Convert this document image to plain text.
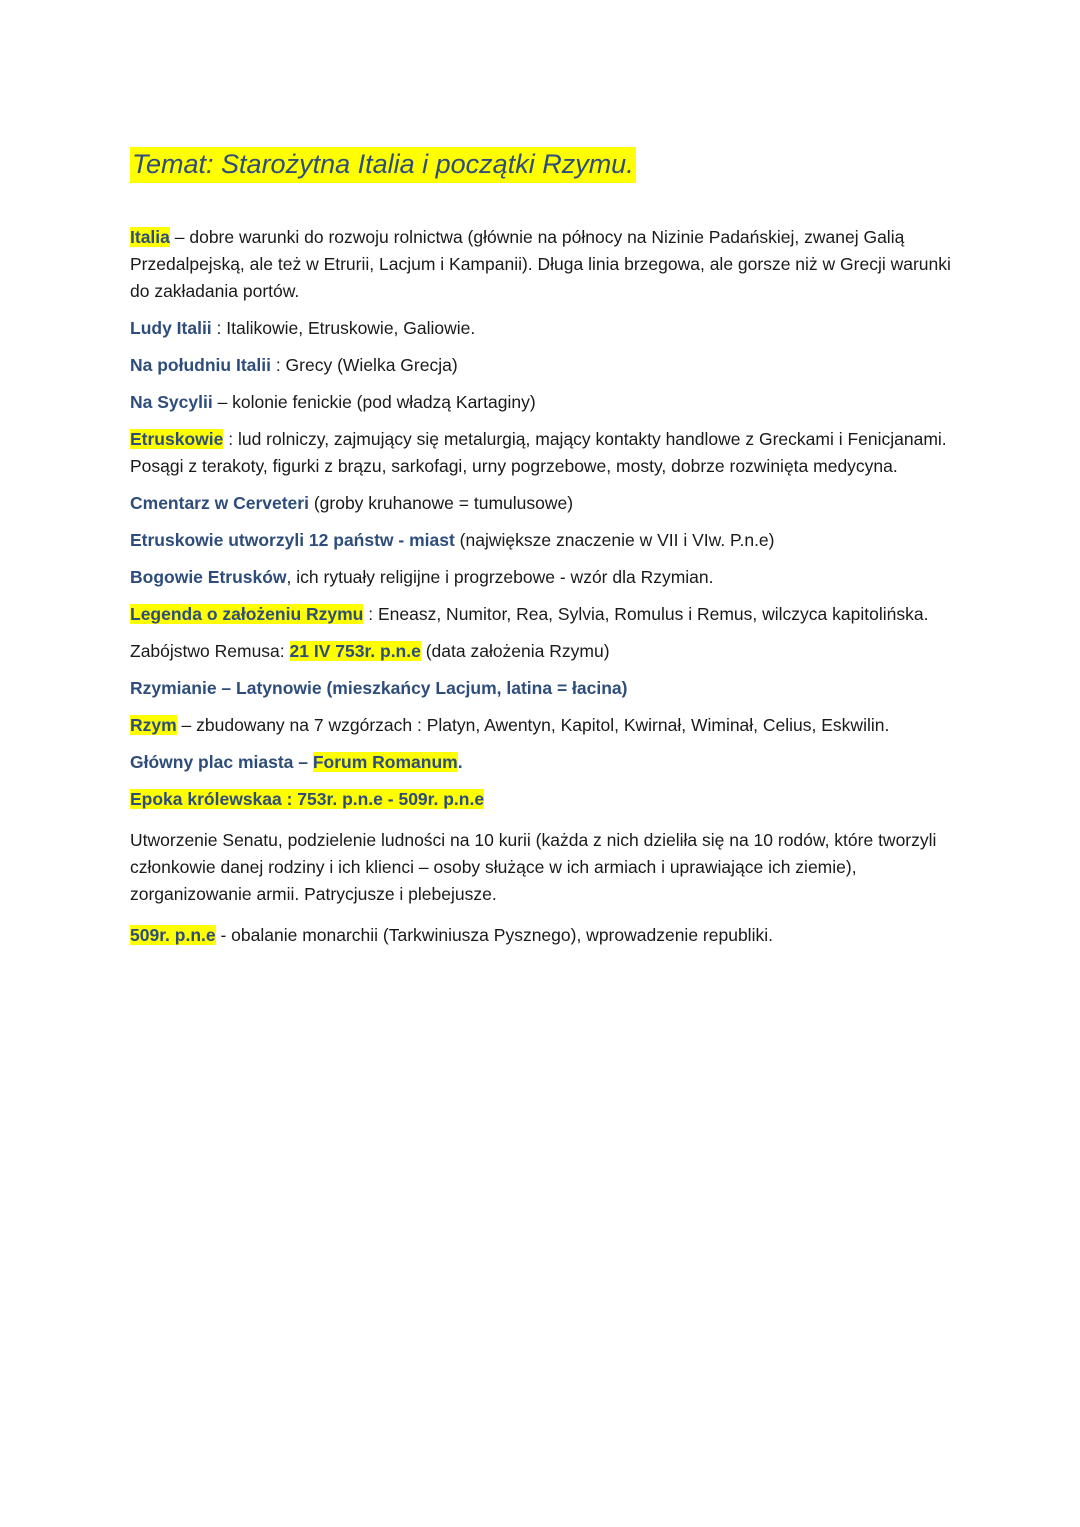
Temat: Starożytna Italia i początki Rzymu.

Italia – dobre warunki do rozwoju rolnictwa (głównie na północy na Nizinie Padańskiej, zwanej Galią Przedalpejską, ale też w Etrurii, Lacjum i Kampanii). Długa linia brzegowa, ale gorsze niż w Grecji warunki do zakładania portów.

Ludy Italii : Italikowie, Etruskowie, Galiowie.

Na południu Italii : Grecy (Wielka Grecja)

Na Sycylii – kolonie fenickie (pod władzą Kartaginy)

Etruskowie : lud rolniczy, zajmujący się metalurgią, mający kontakty handlowe z Greckami i Fenicjanami. Posągi z terakoty, figurki z brązu, sarkofagi, urny pogrzebowe, mosty, dobrze rozwinięta medycyna.

Cmentarz w Cerveteri (groby kruhanowe = tumulusowe)

Etruskowie utworzyli 12 państw - miast (największe znaczenie w VII i VIw. P.n.e)

Bogowie Etrusków, ich rytuały religijne i progrzebowe - wzór dla Rzymian.

Legenda o założeniu Rzymu : Eneasz, Numitor, Rea, Sylvia, Romulus i Remus, wilczyca kapitolińska.

Zabójstwo Remusa: 21 IV 753r. p.n.e (data założenia Rzymu)

Rzymianie – Latynowie (mieszkańcy Lacjum, latina = łacina)

Rzym – zbudowany na 7 wzgórzach : Platyn, Awentyn, Kapitol, Kwirnał, Wiminał, Celius, Eskwilin.

Główny plac miasta – Forum Romanum.

Epoka królewskaa : 753r. p.n.e - 509r. p.n.e

Utworzenie Senatu, podzielenie ludności na 10 kurii (każda z nich dzieliła się na 10 rodów, które tworzyli członkowie danej rodziny i ich klienci – osoby służące w ich armiach i uprawiające ich ziemie), zorganizowanie armii. Patrycjusze i plebejusze.

509r. p.n.e - obalanie monarchii (Tarkwiniusza Pysznego), wprowadzenie republiki.
